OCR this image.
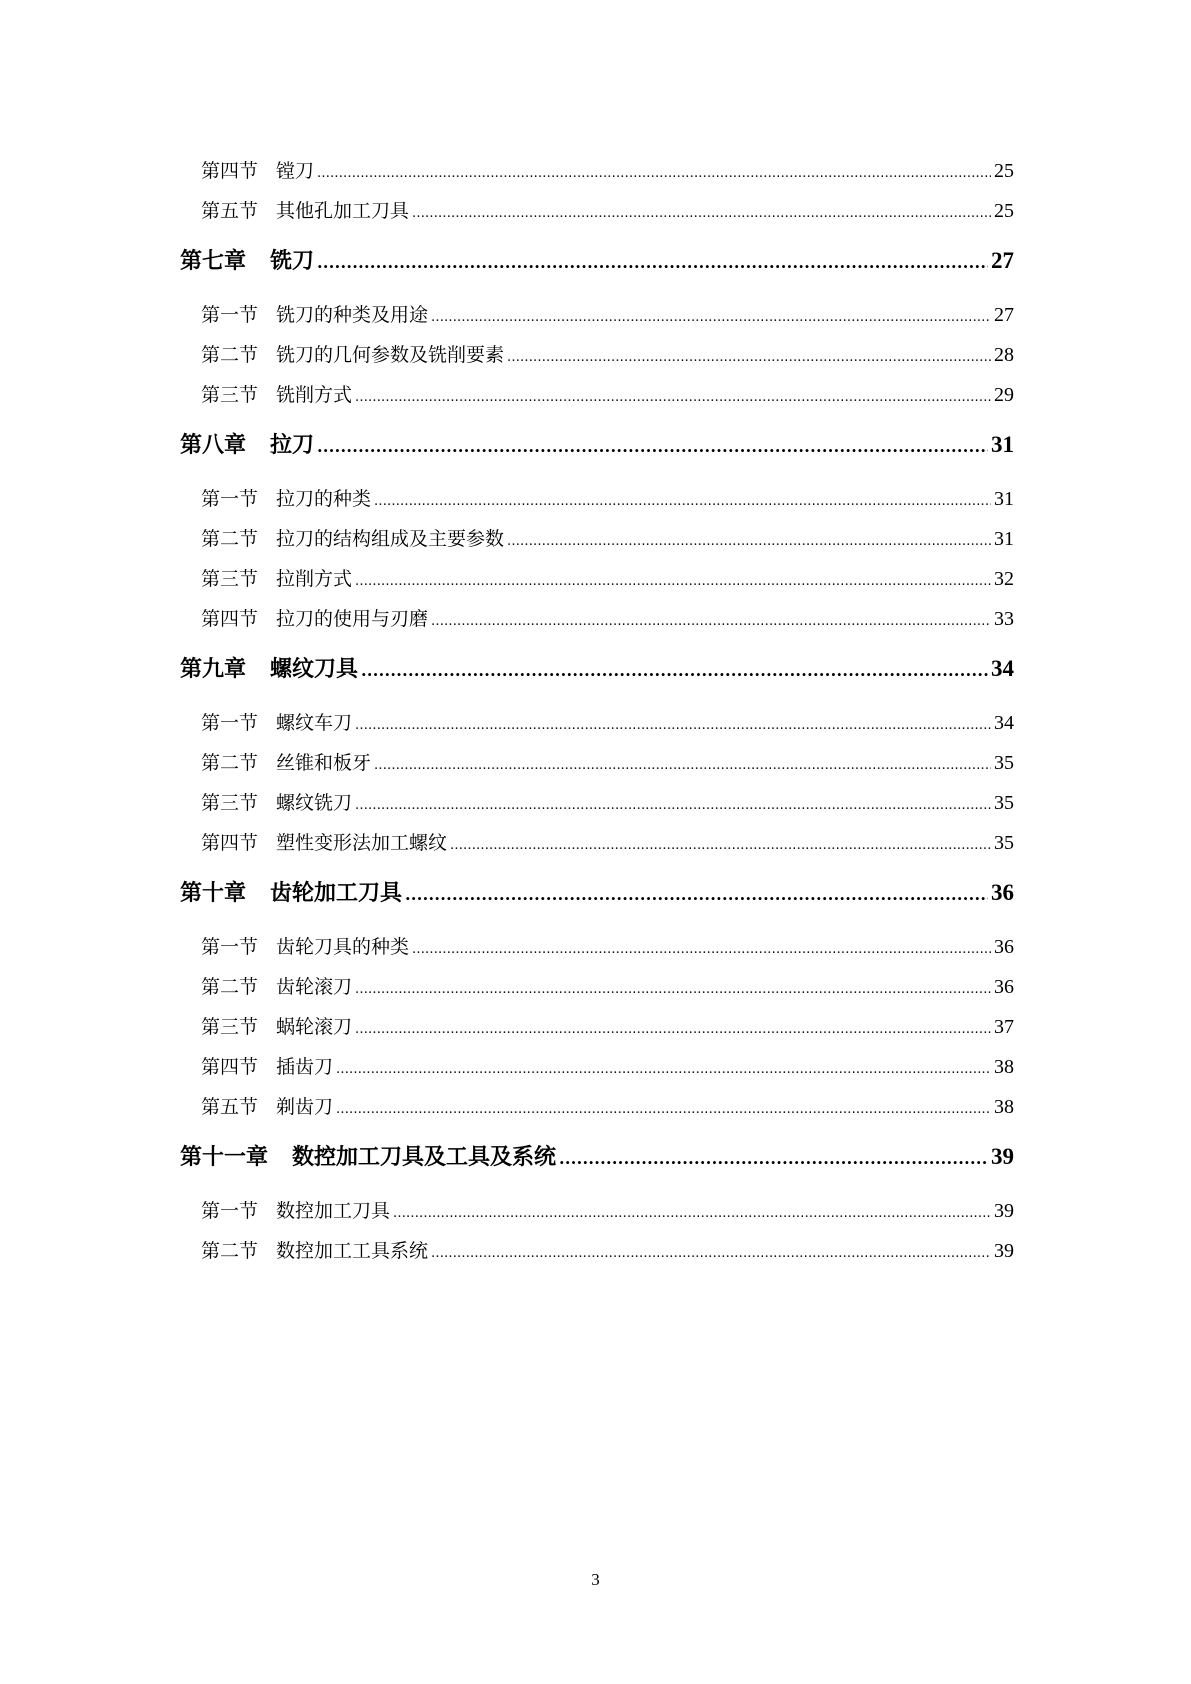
第四节 镗刀 .....	25
第五节 其他孔加工刀具 .....	25
第七章 铣刀 .....	27
第一节 铣刀的种类及用途 .....	27
第二节 铣刀的几何参数及铣削要素 .....	28
第三节 铣削方式 .....	29
第八章 拉刀 .....	31
第一节 拉刀的种类 .....	31
第二节 拉刀的结构组成及主要参数 .....	31
第三节 拉削方式 .....	32
第四节 拉刀的使用与刃磨 .....	33
第九章 螺纹刀具 .....	34
第一节 螺纹车刀 .....	34
第二节 丝锥和板牙 .....	35
第三节 螺纹铣刀 .....	35
第四节 塑性变形法加工螺纹 .....	35
第十章 齿轮加工刀具 .....	36
第一节 齿轮刀具的种类 .....	36
第二节 齿轮滚刀 .....	36
第三节 蜗轮滚刀 .....	37
第四节 插齿刀 .....	38
第五节 剃齿刀 .....	38
第十一章 数控加工刀具及工具及系统 .....	39
第一节 数控加工刀具 .....	39
第二节 数控加工工具系统 .....	39
3
